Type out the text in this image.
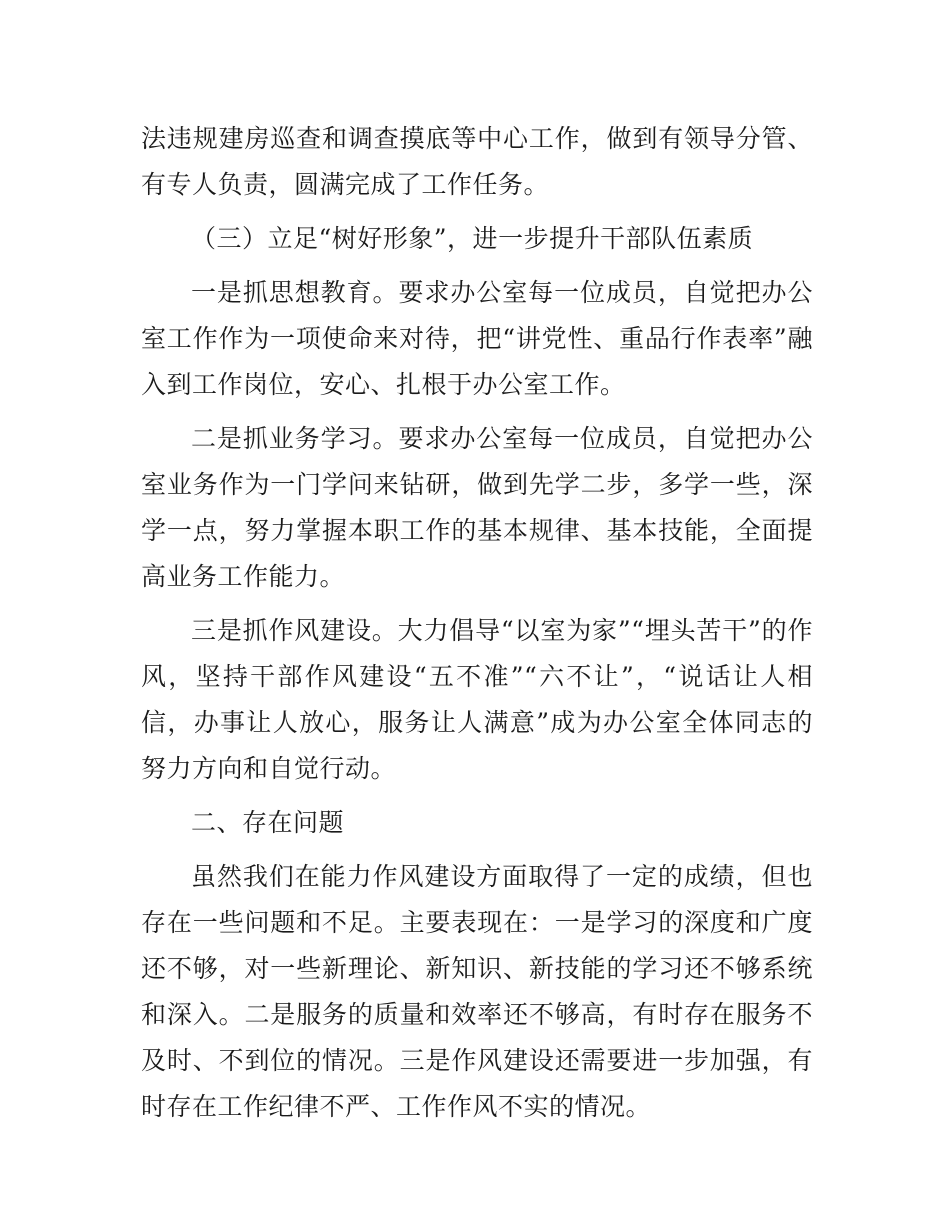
法违规建房巡查和调查摸底等中心工作，做到有领导分管、有专人负责，圆满完成了工作任务。

（三）立足“树好形象”，进一步提升干部队伍素质

一是抓思想教育。要求办公室每一位成员，自觉把办公室工作作为一项使命来对待，把“讲党性、重品行作表率”融入到工作岗位，安心、扎根于办公室工作。

二是抓业务学习。要求办公室每一位成员，自觉把办公室业务作为一门学问来钻研，做到先学二步，多学一些，深学一点，努力掌握本职工作的基本规律、基本技能，全面提高业务工作能力。

三是抓作风建设。大力倡导“以室为家”“埋头苦干”的作风，坚持干部作风建设“五不准”“六不让”，“说话让人相信，办事让人放心，服务让人满意”成为办公室全体同志的努力方向和自觉行动。

二、存在问题

虽然我们在能力作风建设方面取得了一定的成绩，但也存在一些问题和不足。主要表现在：一是学习的深度和广度还不够，对一些新理论、新知识、新技能的学习还不够系统和深入。二是服务的质量和效率还不够高，有时存在服务不及时、不到位的情况。三是作风建设还需要进一步加强，有时存在工作纪律不严、工作作风不实的情况。
